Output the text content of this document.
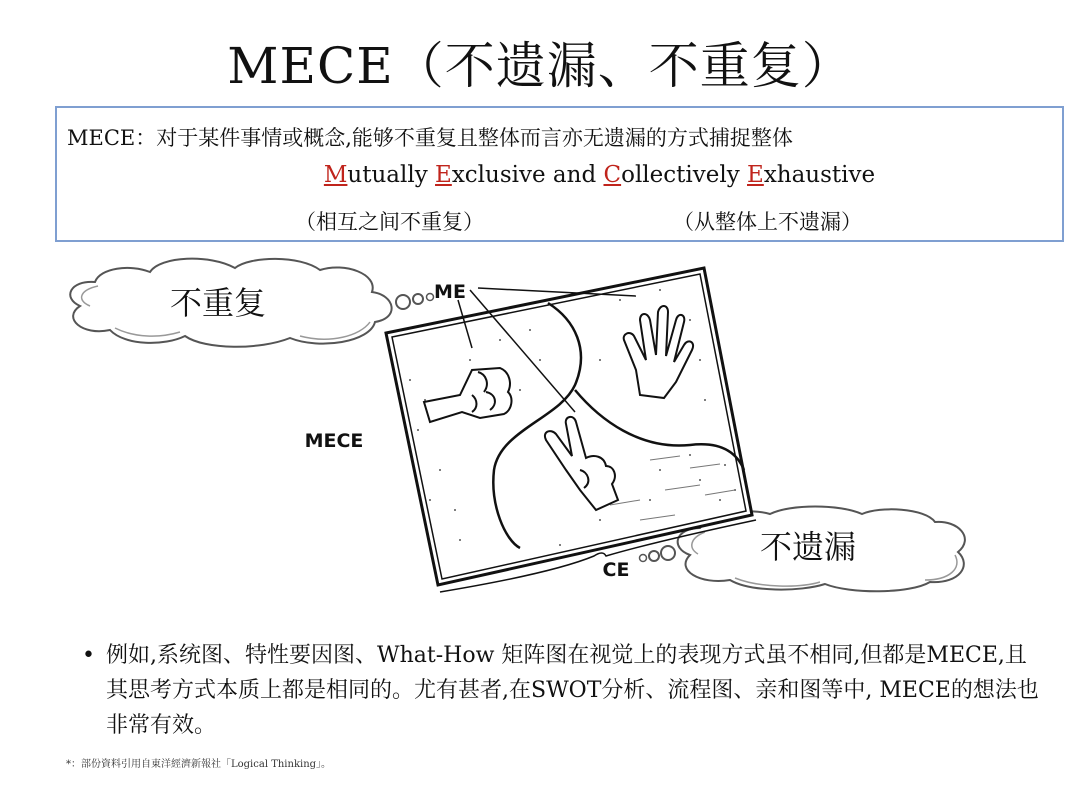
MECE（不遗漏、不重复）
MECE：对于某件事情或概念,能够不重复且整体而言亦无遗漏的方式捕捉整体
Mutually Exclusive and Collectively Exhaustive
（相互之间不重复）	（从整体上不遗漏）
不重复
不遗漏
ME
MECE
CE
• 例如,系统图、特性要因图、What-How 矩阵图在视觉上的表现方式虽不相同,但都是MECE,且其思考方式本质上都是相同的。尤有甚者,在SWOT分析、流程图、亲和图等中, MECE的想法也非常有效。
*：部份資料引用自東洋經濟新報社「Logical Thinking」。
